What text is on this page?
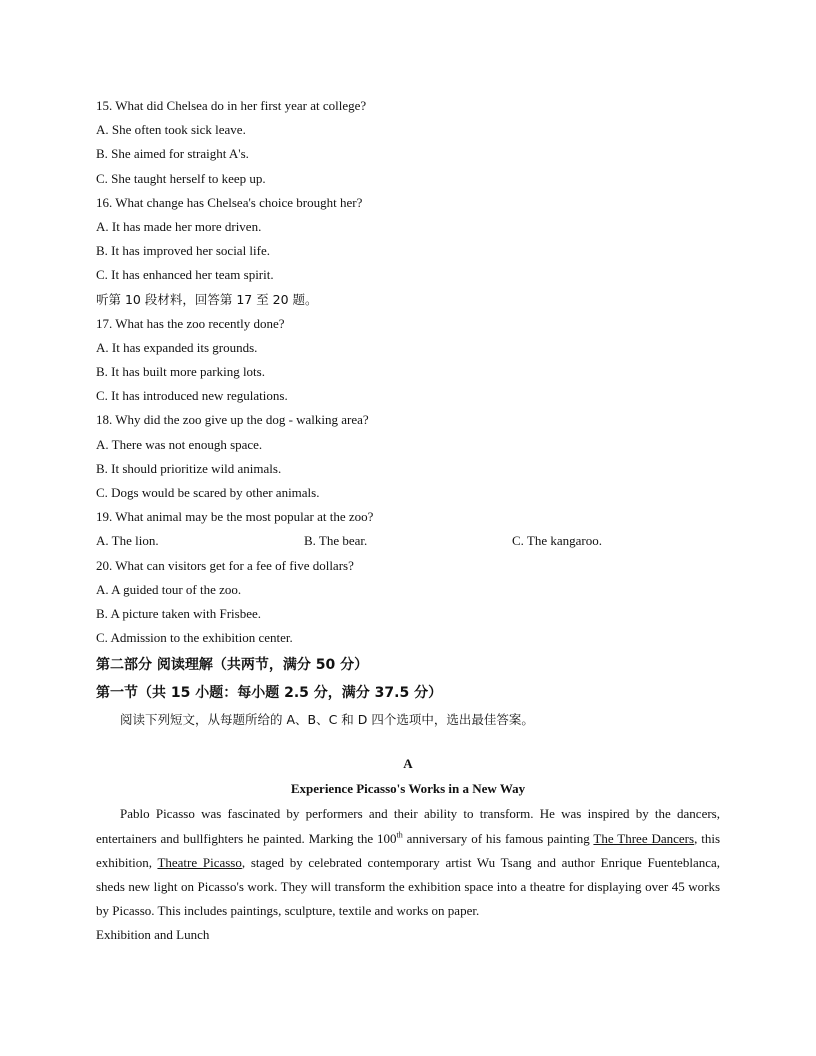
15. What did Chelsea do in her first year at college?
A. She often took sick leave.
B. She aimed for straight A's.
C. She taught herself to keep up.
16. What change has Chelsea's choice brought her?
A. It has made her more driven.
B. It has improved her social life.
C. It has enhanced her team spirit.
听第 10 段材料，回答第 17 至 20 题。
17. What has the zoo recently done?
A. It has expanded its grounds.
B. It has built more parking lots.
C. It has introduced new regulations.
18. Why did the zoo give up the dog - walking area?
A. There was not enough space.
B. It should prioritize wild animals.
C. Dogs would be scared by other animals.
19. What animal may be the most popular at the zoo?
A. The lion.	B. The bear.	C. The kangaroo.
20. What can visitors get for a fee of five dollars?
A. A guided tour of the zoo.
B. A picture taken with Frisbee.
C. Admission to the exhibition center.
第二部分 阅读理解（共两节，满分 50 分）
第一节（共 15 小题：每小题 2.5 分，满分 37.5 分）
阅读下列短文，从每题所给的 A、B、C 和 D 四个选项中，选出最佳答案。
A
Experience Picasso's Works in a New Way
Pablo Picasso was fascinated by performers and their ability to transform. He was inspired by the dancers, entertainers and bullfighters he painted. Marking the 100th anniversary of his famous painting The Three Dancers, this exhibition, Theatre Picasso, staged by celebrated contemporary artist Wu Tsang and author Enrique Fuenteblanca, sheds new light on Picasso's work. They will transform the exhibition space into a theatre for displaying over 45 works by Picasso. This includes paintings, sculpture, textile and works on paper.
Exhibition and Lunch
